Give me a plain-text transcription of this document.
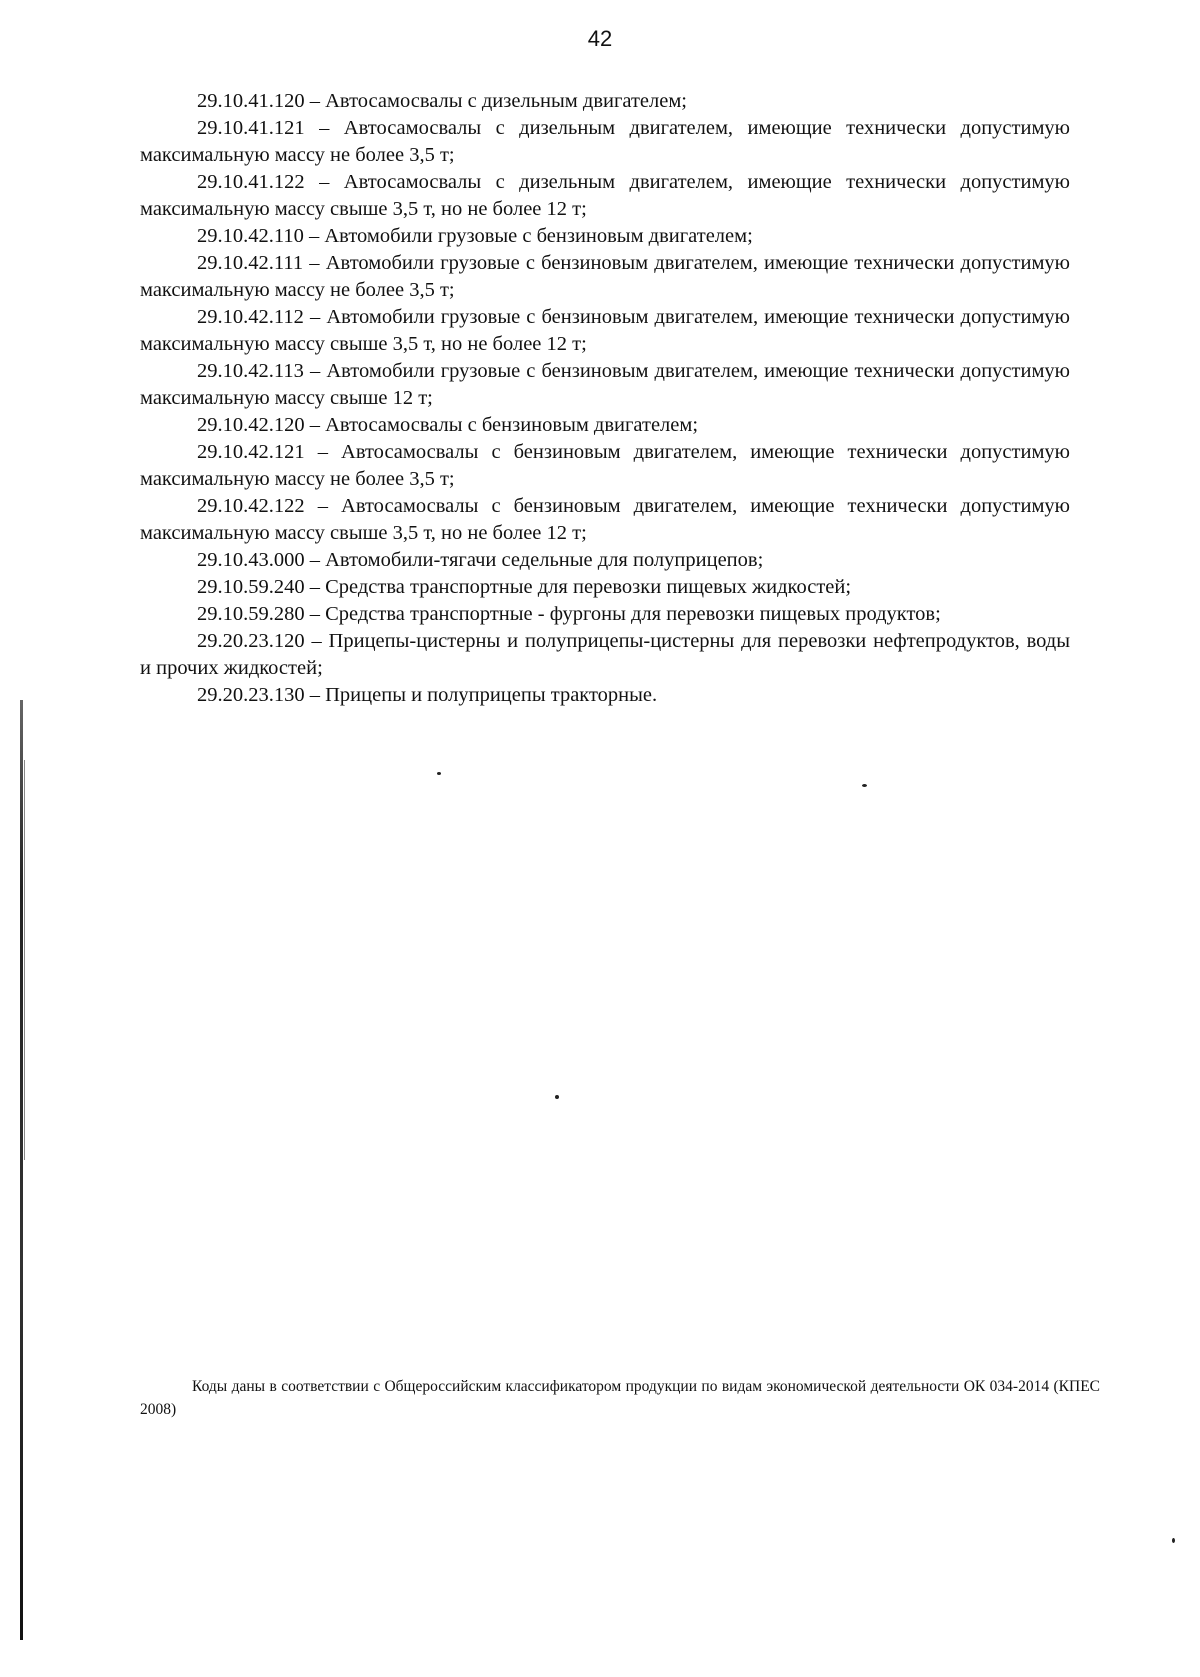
42

29.10.41.120 – Автосамосвалы с дизельным двигателем;

29.10.41.121 – Автосамосвалы с дизельным двигателем, имеющие технически допустимую максимальную массу не более 3,5 т;

29.10.41.122 – Автосамосвалы с дизельным двигателем, имеющие технически допустимую максимальную массу свыше 3,5 т, но не более 12 т;

29.10.42.110 – Автомобили грузовые с бензиновым двигателем;

29.10.42.111 – Автомобили грузовые с бензиновым двигателем, имеющие технически допустимую максимальную массу не более 3,5 т;

29.10.42.112 – Автомобили грузовые с бензиновым двигателем, имеющие технически допустимую максимальную массу свыше 3,5 т, но не более 12 т;

29.10.42.113 – Автомобили грузовые с бензиновым двигателем, имеющие технически допустимую максимальную массу свыше 12 т;

29.10.42.120 – Автосамосвалы с бензиновым двигателем;

29.10.42.121 – Автосамосвалы с бензиновым двигателем, имеющие технически допустимую максимальную массу не более 3,5 т;

29.10.42.122 – Автосамосвалы с бензиновым двигателем, имеющие технически допустимую максимальную массу свыше 3,5 т, но не более 12 т;

29.10.43.000 – Автомобили-тягачи седельные для полуприцепов;

29.10.59.240 – Средства транспортные для перевозки пищевых жидкостей;

29.10.59.280 – Средства транспортные - фургоны для перевозки пищевых продуктов;

29.20.23.120 – Прицепы-цистерны и полуприцепы-цистерны для перевозки нефтепродуктов, воды и прочих жидкостей;

29.20.23.130 – Прицепы и полуприцепы тракторные.

Коды даны в соответствии с Общероссийским классификатором продукции по видам экономической деятельности ОК 034-2014 (КПЕС 2008)
